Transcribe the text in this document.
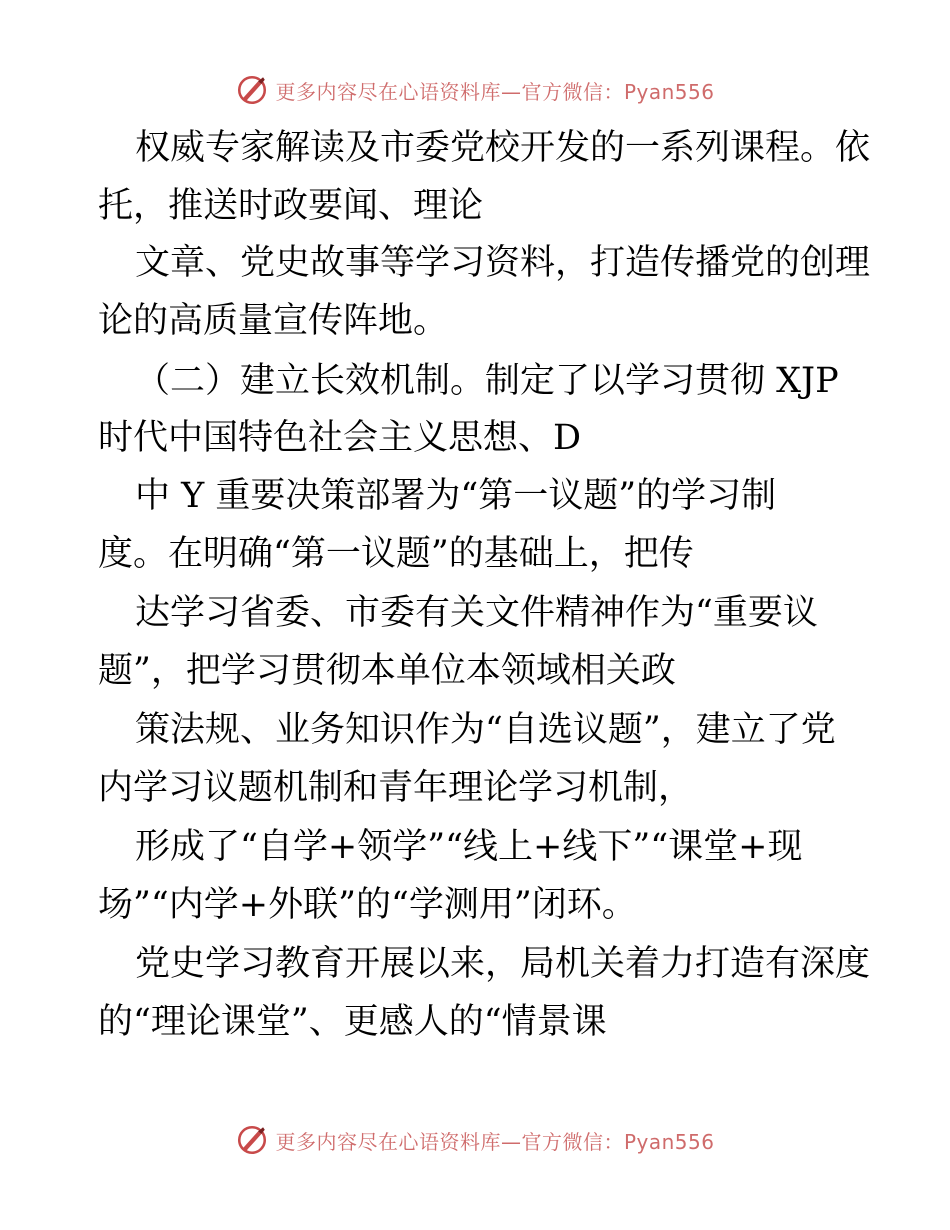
更多内容尽在心语资料库—官方微信：Pyan556
权威专家解读及市委党校开发的一系列课程。依
托，推送时政要闻、理论
文章、党史故事等学习资料，打造传播党的创理
论的高质量宣传阵地。
（二）建立长效机制。制定了以学习贯彻 XJP
时代中国特色社会主义思想、D
中 Y 重要决策部署为“第一议题”的学习制
度。在明确“第一议题”的基础上，把传
达学习省委、市委有关文件精神作为“重要议
题”，把学习贯彻本单位本领域相关政
策法规、业务知识作为“自选议题”，建立了党
内学习议题机制和青年理论学习机制，
形成了“自学+领学”“线上+线下”“课堂+现
场”“内学+外联”的“学测用”闭环。
党史学习教育开展以来，局机关着力打造有深度
的“理论课堂”、更感人的“情景课
更多内容尽在心语资料库—官方微信：Pyan556
